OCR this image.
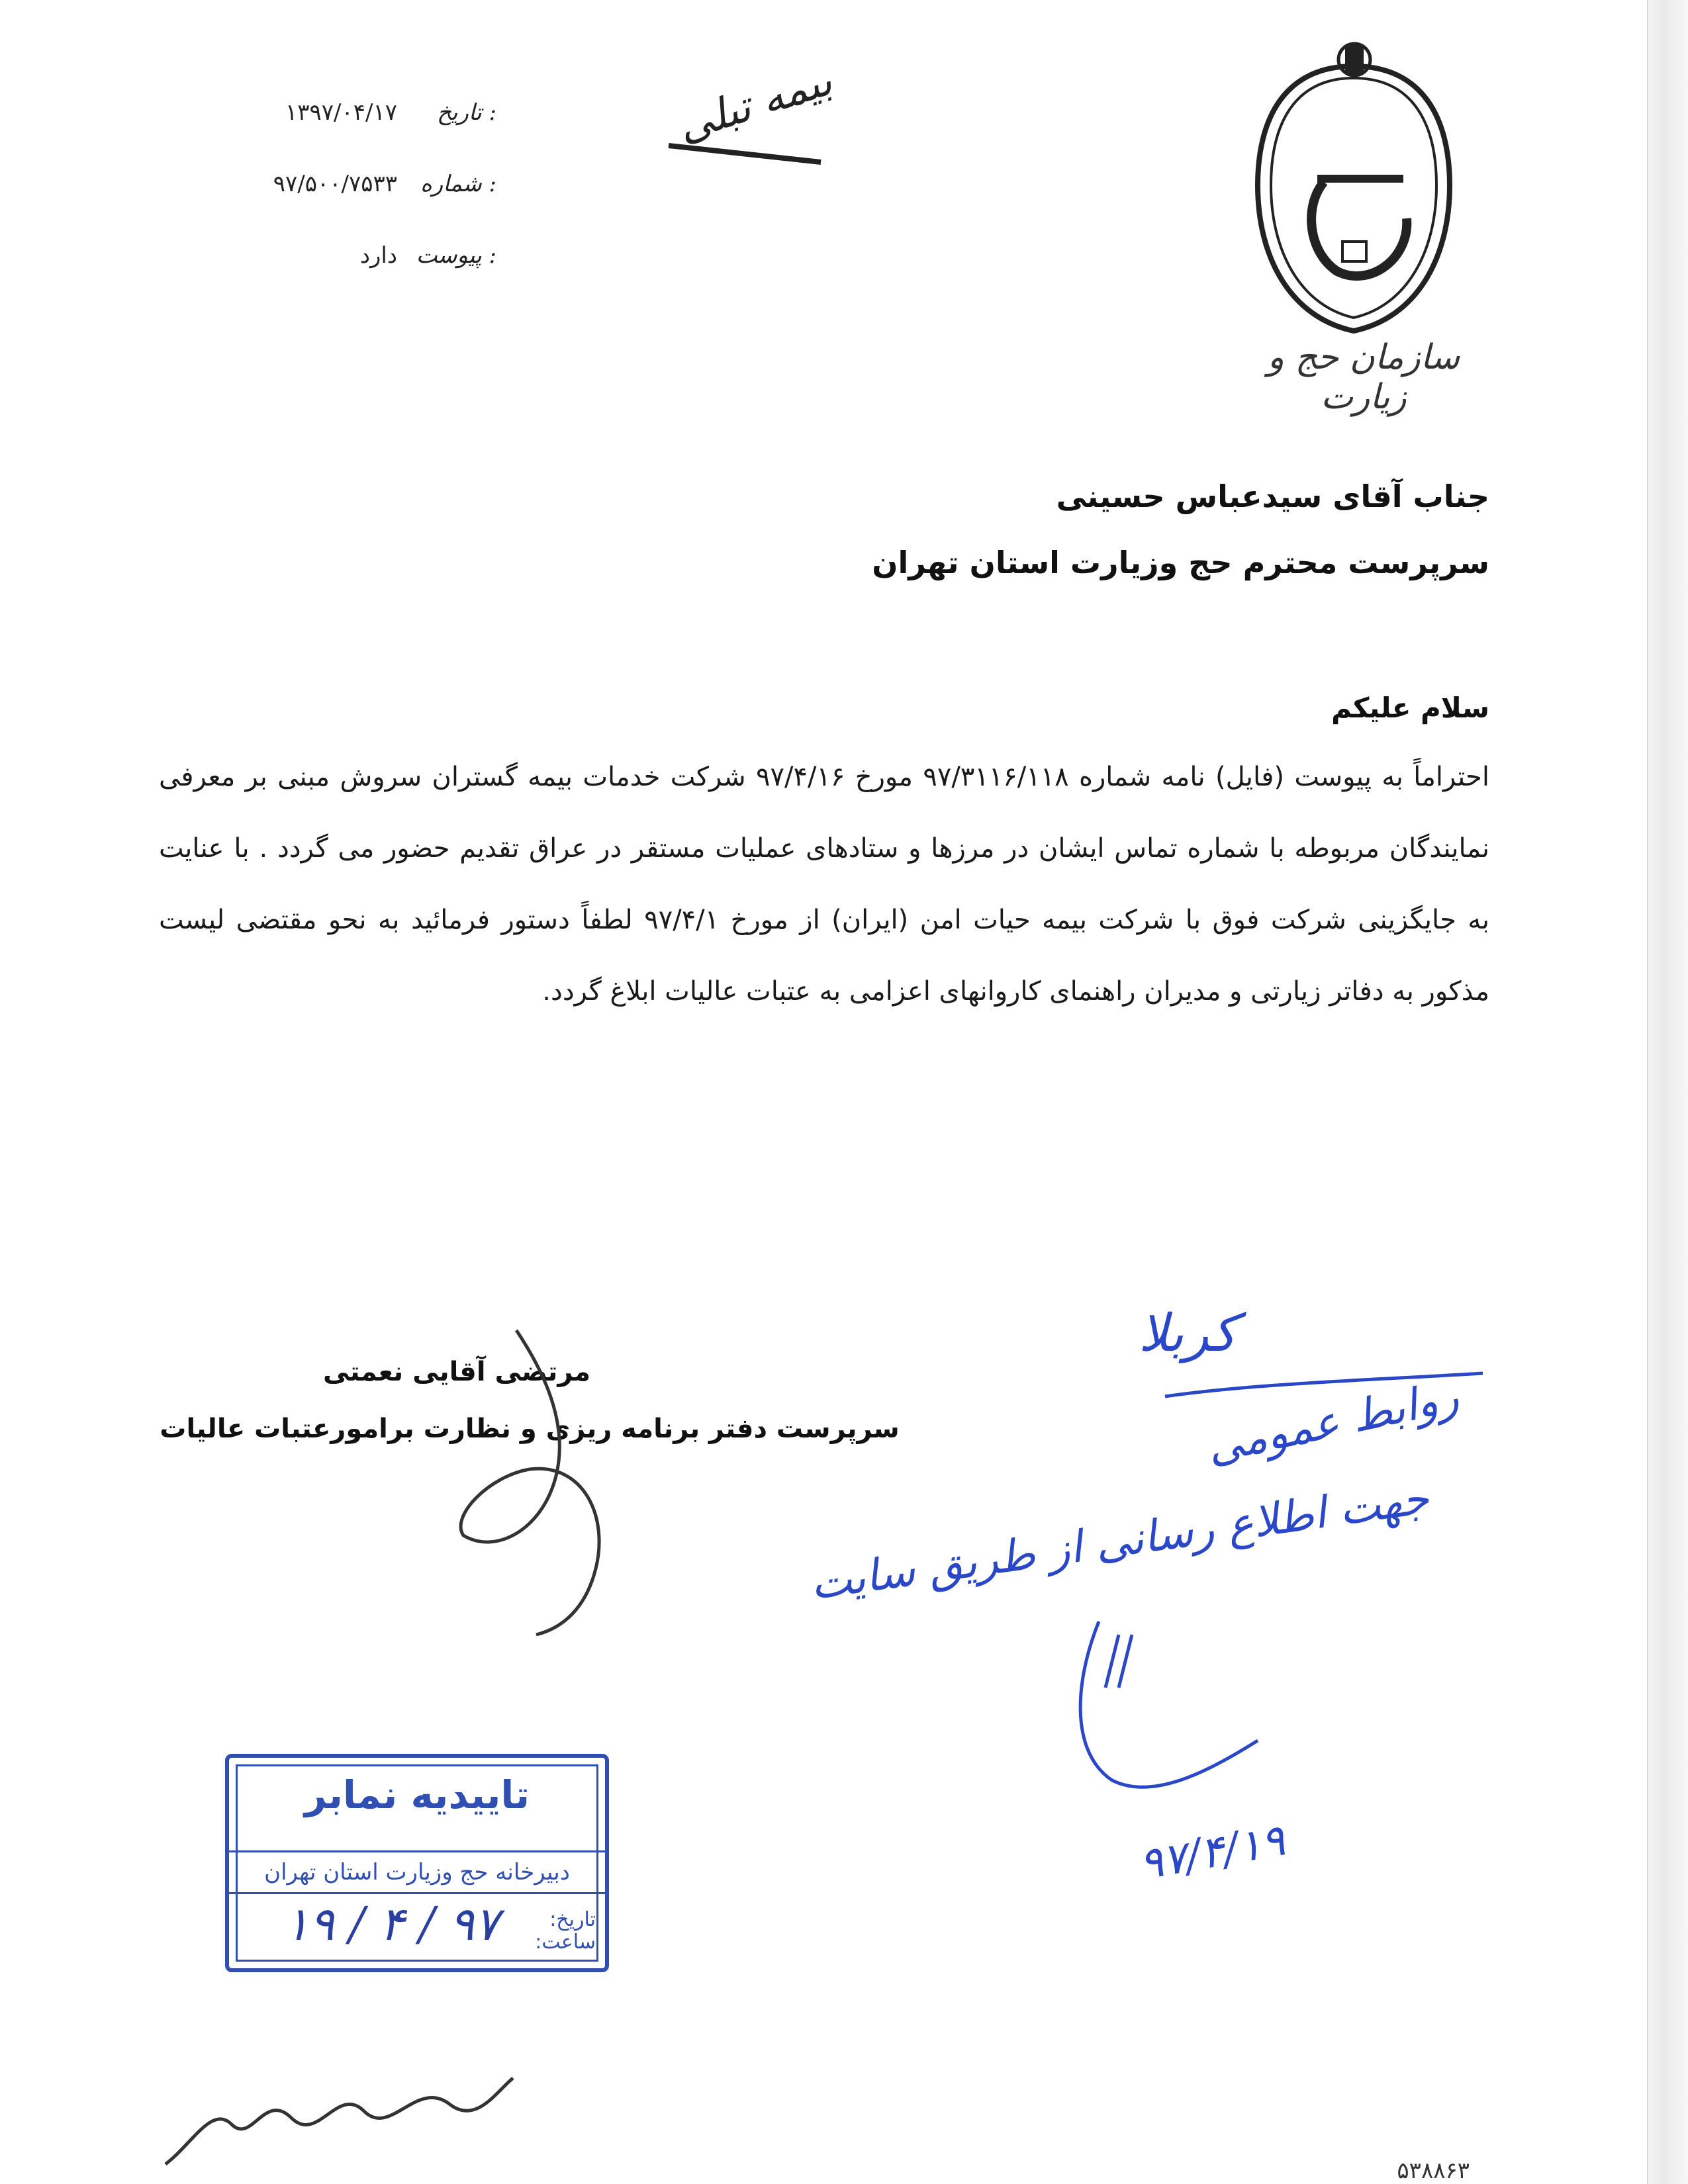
تاریخ :
۱۳۹۷/۰۴/۱۷
شماره :
۹۷/۵۰۰/۷۵۳۳
پیوست :
دارد
بیمه تبلی
سازمان حج و زیارت
جناب آقای سیدعباس حسینی
سرپرست محترم حج وزیارت استان تهران
سلام علیکم
احتراماً به پیوست (فایل) نامه شماره ۹۷/۳۱۱۶/۱۱۸ مورخ ۹۷/۴/۱۶ شرکت خدمات بیمه گستران سروش مبنی بر معرفی نمایندگان مربوطه با شماره تماس ایشان در مرزها و ستادهای عملیات مستقر در عراق تقدیم حضور می گردد . با عنایت به جایگزینی شرکت فوق با شرکت بیمه حیات امن (ایران) از مورخ ۹۷/۴/۱ لطفاً دستور فرمائید به نحو مقتضی لیست مذکور به دفاتر زیارتی و مدیران راهنمای کاروانهای اعزامی به عتبات عالیات ابلاغ گردد.
مرتضی آقایی نعمتی
سرپرست دفتر برنامه ریزی و نظارت برامورعتبات عالیات
تاییدیه نمابر
دبیرخانه حج وزیارت استان تهران
تاریخ:
ساعت:
۹۷ / ۴ / ۱۹
کربلا
روابط عمومی
جهت اطلاع رسانی از طریق سایت
۹۷/۴/۱۹
۵۳۸۸۶۳
